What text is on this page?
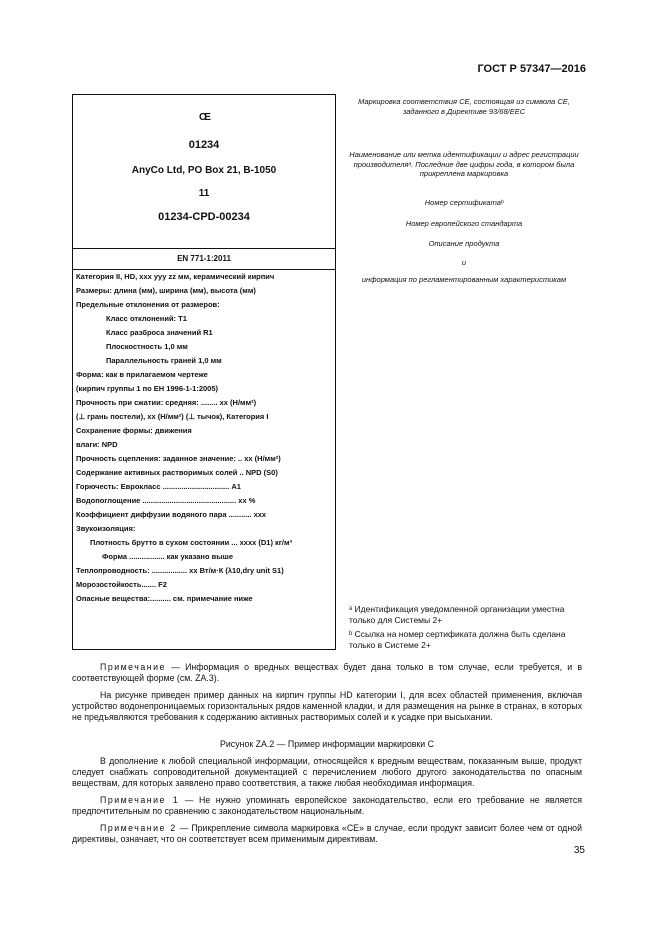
ГОСТ Р 57347—2016
CE
01234
AnyCo Ltd, PO Box 21, B-1050
11
01234-CPD-00234
EN 771-1:2011
Категория II, HD, xxx yyy zz мм, керамический кирпич
Размеры: длина (мм), ширина (мм), высота (мм)
Предельные отклонения от размеров:
Класс отклонений: Т1
Класс разброса значений R1
Плоскостность 1,0 мм
Параллельность граней 1,0 мм
Форма: как в прилагаемом чертеже
(кирпич группы 1 по ЕН 1996-1-1:2005)
Прочность при сжатии: средняя: ........ xx (Н/мм²)
(⊥ грань постели), xx (Н/мм²) (⊥ тычок), Категория I
Сохранение формы: движения
влаги: NPD
Прочность сцепления: заданное значение: .. xx (Н/мм²)
Содержание активных растворимых солей .. NPD (S0)
Горючесть: Еврокласс ................................ A1
Водопоглощение ............................................. xx %
Коэффициент диффузии водяного пара ........... xxx
Звукоизоляция:
Плотность брутто в сухом состоянии ... xxxx (D1) кг/м³
Форма ................. как указано выше
Теплопроводность: ................. xx Вт/м·К (λ10,dry unit S1)
Морозостойкость....... F2
Опасные вещества:.......... см. примечание ниже
Маркировка соответствия CE, состоящая из символа CE, заданного в Директиве 93/68/EEC
Наименование или метка идентификации и адрес регистрации производителяᵃ. Последние две цифры года, в котором была прикреплена маркировка
Номер сертификатаᵇ
Номер европейского стандарта
Описание продукта
и
информация по регламентированным характеристикам
ᵃ Идентификация уведомленной организации уместна только для Системы 2+
ᵇ Ссылка на номер сертификата должна быть сделана только в Системе 2+
Примечание — Информация о вредных веществах будет дана только в том случае, если требуется, и в соответствующей форме (см. ZA.3).
На рисунке приведен пример данных на кирпич группы HD категории I, для всех областей применения, включая устройство водонепроницаемых горизонтальных рядов каменной кладки, и для размещения на рынке в странах, в которых не предъявляются требования к содержанию активных растворимых солей и к усадке при высыхании.
Рисунок ZA.2 — Пример информации маркировки С
В дополнение к любой специальной информации, относящейся к вредным веществам, показанным выше, продукт следует снабжать сопроводительной документацией с перечислением любого другого законодательства по опасным веществам, для которых заявлено право соответствия, а также любая необходимая информация.
Примечание 1 — Не нужно упоминать европейское законодательство, если его требование не является предпочтительным по сравнению с законодательством национальным.
Примечание 2 — Прикрепление символа маркировка «СЕ» в случае, если продукт зависит более чем от одной директивы, означает, что он соответствует всем применимым директивам.
35
